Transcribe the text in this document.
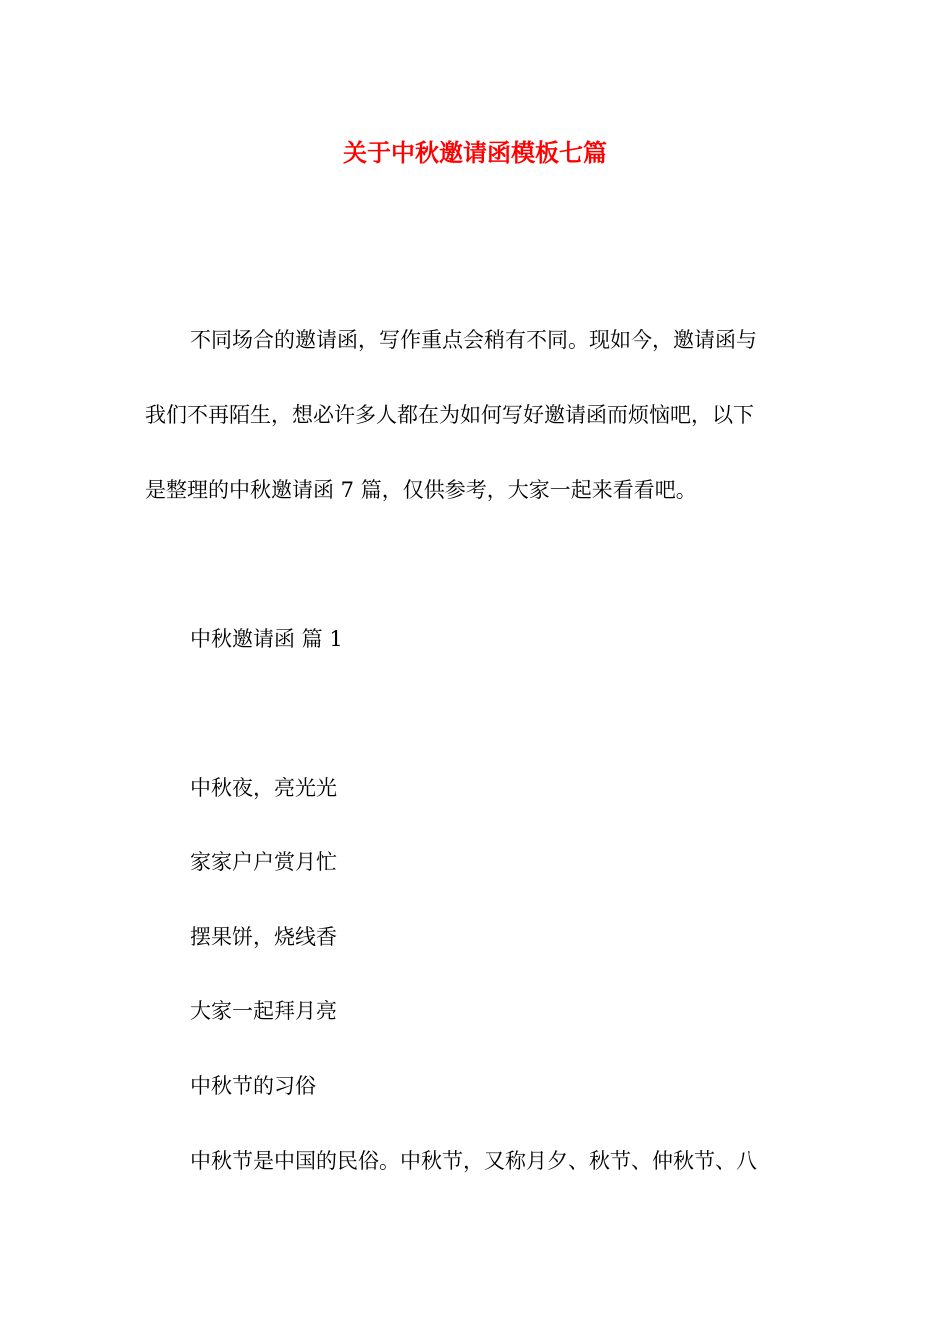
关于中秋邀请函模板七篇
不同场合的邀请函，写作重点会稍有不同。现如今，邀请函与
我们不再陌生，想必许多人都在为如何写好邀请函而烦恼吧，以下
是整理的中秋邀请函 7 篇，仅供参考，大家一起来看看吧。
中秋邀请函 篇 1
中秋夜，亮光光
家家户户赏月忙
摆果饼，烧线香
大家一起拜月亮
中秋节的习俗
中秋节是中国的民俗。中秋节，又称月夕、秋节、仲秋节、八
